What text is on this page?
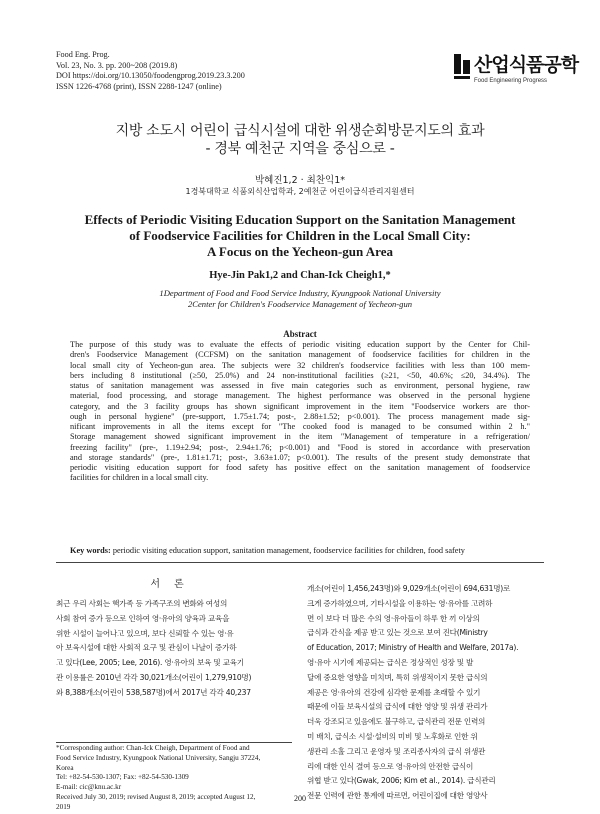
Food Eng. Prog.
Vol. 23, No. 3. pp. 200~208 (2019.8)
DOI https://doi.org/10.13050/foodengprog.2019.23.3.200
ISSN 1226-4768 (print), ISSN 2288-1247 (online)
산업식품공학
Food Engineering Progress
지방 소도시 어린이 급식시설에 대한 위생순회방문지도의 효과
- 경북 예천군 지역을 중심으로 -
박혜진1,2 · 최찬익1*
1경북대학교 식품외식산업학과, 2예천군 어린이급식관리지원센터
Effects of Periodic Visiting Education Support on the Sanitation Management
of Foodservice Facilities for Children in the Local Small City:
A Focus on the Yecheon-gun Area
Hye-Jin Pak1,2 and Chan-Ick Cheigh1,*
1Department of Food and Food Service Industry, Kyungpook National University
2Center for Children's Foodservice Management of Yecheon-gun
Abstract
The purpose of this study was to evaluate the effects of periodic visiting education support by the Center for Chil-
dren's Foodservice Management (CCFSM) on the sanitation management of foodservice facilities for children in the
local small city of Yecheon-gun area. The subjects were 32 children's foodservice facilities with less than 100 mem-
bers including 8 institutional (≥50, 25.0%) and 24 non-institutional facilities (≥21, <50, 40.6%; ≤20, 34.4%). The
status of sanitation management was assessed in five main categories such as environment, personal hygiene, raw
material, food processing, and storage management. The highest performance was observed in the personal hygiene
category, and the 3 facility groups has shown significant improvement in the item "Foodservice workers are thor-
ough in personal hygiene" (pre-support, 1.75±1.74; post-, 2.88±1.52; p<0.001). The process management made sig-
nificant improvements in all the items except for "The cooked food is managed to be consumed within 2 h."
Storage management showed significant improvement in the item "Management of temperature in a refrigeration/
freezing facility" (pre-, 1.19±2.94; post-, 2.94±1.76; p<0.001) and "Food is stored in accordance with preservation
and storage standards" (pre-, 1.81±1.71; post-, 3.63±1.07; p<0.001). The results of the present study demonstrate that
periodic visiting education support for food safety has positive effect on the sanitation management of foodservice
facilities for children in a local small city.
Key words: periodic visiting education support, sanitation management, foodservice facilities for children, food safety
서론
최근 우리 사회는 핵가족 등 가족구조의 변화와 여성의
사회 참여 증가 등으로 인하여 영·유아의 양육과 교육을
위한 시설이 늘어나고 있으며, 보다 신뢰할 수 있는 영·유
아 보육시설에 대한 사회적 요구 및 관심이 나날이 증가하
고 있다(Lee, 2005; Lee, 2016). 영·유아의 보육 및 교육기
관 이용률은 2010년 각각 30,021개소(어린이 1,279,910명)
와 8,388개소(어린이 538,587명)에서 2017년 각각 40,237
개소(어린이 1,456,243명)와 9,029개소(어린이 694,631명)로
크게 증가하였으며, 기타시설을 이용하는 영·유아를 고려하
면 이 보다 더 많은 수의 영·유아들이 하루 한 끼 이상의
급식과 간식을 제공 받고 있는 것으로 보여 진다(Ministry
of Education, 2017; Ministry of Health and Welfare, 2017a).
영·유아 시기에 제공되는 급식은 정상적인 성장 및 발
달에 중요한 영향을 미치며, 특히 위생적이지 못한 급식의
제공은 영·유아의 건강에 심각한 문제를 초래할 수 있기
때문에 이들 보육시설의 급식에 대한 영양 및 위생 관리가
더욱 강조되고 있음에도 불구하고, 급식관리 전문 인력의
미 배치, 급식소 시설·설비의 미비 및 노후화로 인한 위
생관리 소홀 그리고 운영자 및 조리종사자의 급식 위생관
리에 대한 인식 결여 등으로 영·유아의 안전한 급식이
위협 받고 있다(Gwak, 2006; Kim et al., 2014). 급식관리
전문 인력에 관한 통계에 따르면, 어린이집에 대한 영양사
*Corresponding author: Chan-Ick Cheigh, Department of Food and
Food Service Industry, Kyungpook National University, Sangju 37224,
Korea
Tel: +82-54-530-1307; Fax: +82-54-530-1309
E-mail: cic@knu.ac.kr
Received July 30, 2019; revised August 8, 2019; accepted August 12,
2019
200
